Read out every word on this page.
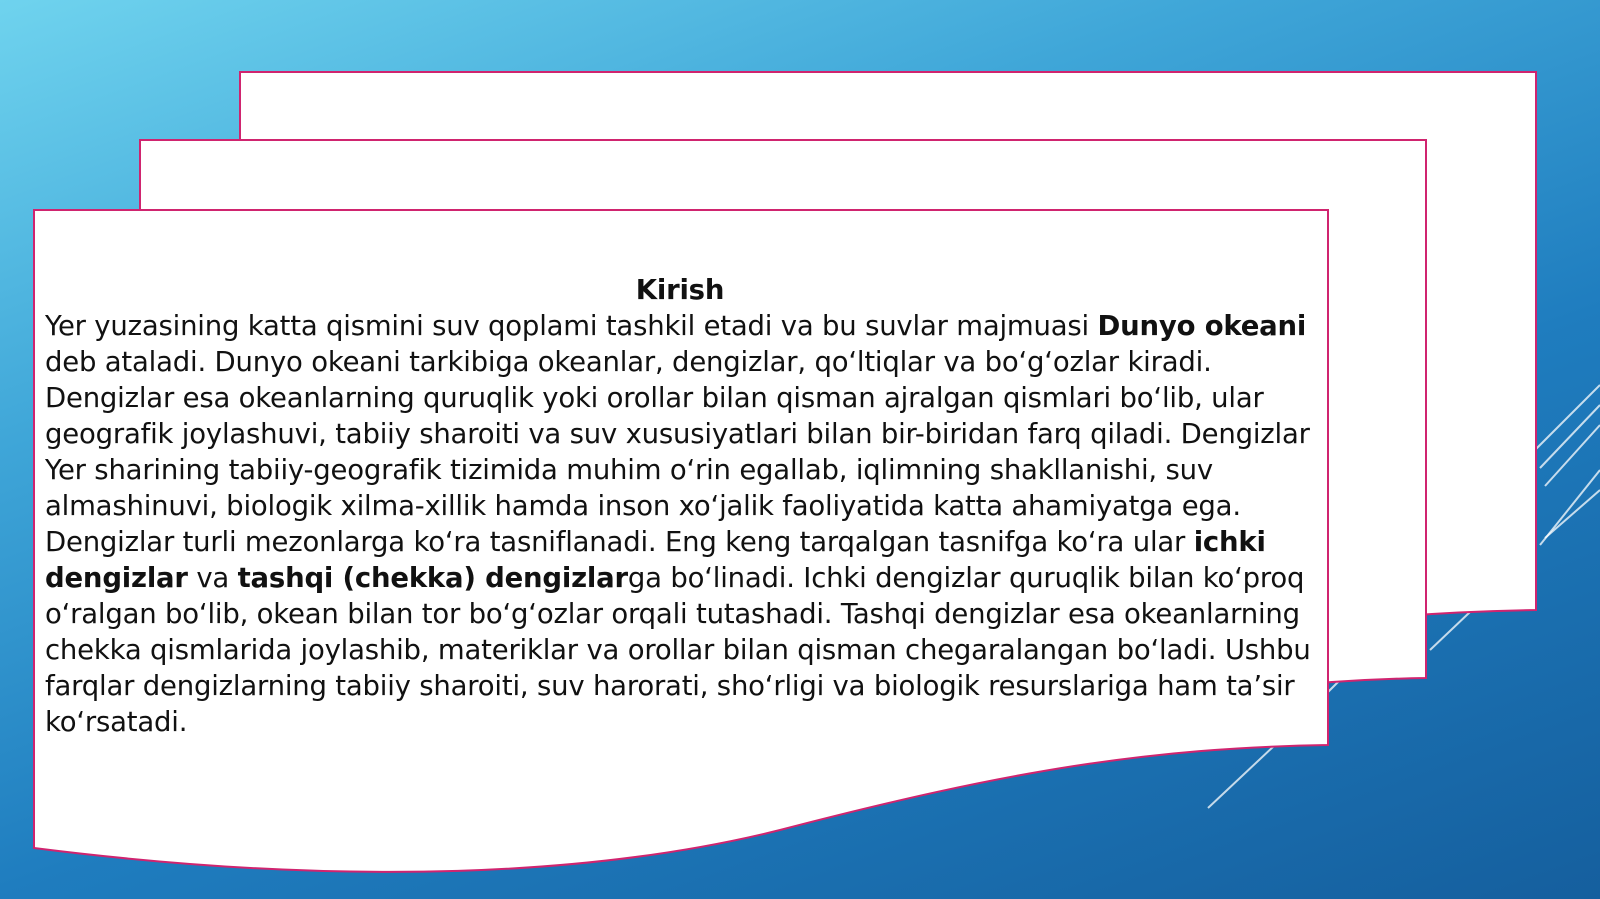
Kirish

Yer yuzasining katta qismini suv qoplami tashkil etadi va bu suvlar majmuasi Dunyo okeani deb ataladi. Dunyo okeani tarkibiga okeanlar, dengizlar, qo‘ltiqlar va bo‘g‘ozlar kiradi. Dengizlar esa okeanlarning quruqlik yoki orollar bilan qisman ajralgan qismlari bo‘lib, ular geografik joylashuvi, tabiiy sharoiti va suv xususiyatlari bilan bir-biridan farq qiladi. Dengizlar Yer sharining tabiiy-geografik tizimida muhim o‘rin egallab, iqlimning shakllanishi, suv almashinuvi, biologik xilma-xillik hamda inson xo‘jalik faoliyatida katta ahamiyatga ega.

Dengizlar turli mezonlarga ko‘ra tasniflanadi. Eng keng tarqalgan tasnifga ko‘ra ular ichki dengizlar va tashqi (chekka) dengizlarga bo‘linadi. Ichki dengizlar quruqlik bilan ko‘proq o‘ralgan bo‘lib, okean bilan tor bo‘g‘ozlar orqali tutashadi. Tashqi dengizlar esa okeanlarning chekka qismlarida joylashib, materiklar va orollar bilan qisman chegaralangan bo‘ladi. Ushbu farqlar dengizlarning tabiiy sharoiti, suv harorati, sho‘rligi va biologik resurslariga ham ta’sir ko‘rsatadi.
